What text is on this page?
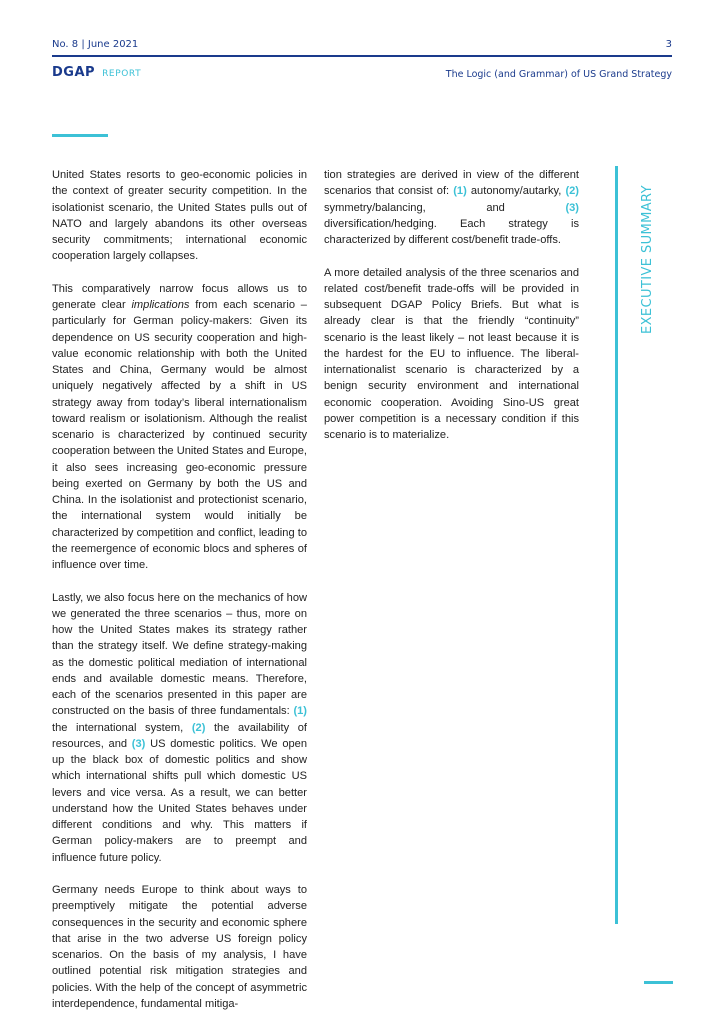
No. 8 | June 2021	3
DGAP REPORT	The Logic (and Grammar) of US Grand Strategy

United States resorts to geo-economic policies in the context of greater security competition. In the isolationist scenario, the United States pulls out of NATO and largely abandons its other overseas security commitments; international economic cooperation largely collapses.

This comparatively narrow focus allows us to generate clear implications from each scenario – particularly for German policy-makers: Given its dependence on US security cooperation and high-value economic relationship with both the United States and China, Germany would be almost uniquely negatively affected by a shift in US strategy away from today’s liberal internationalism toward realism or isolationism. Although the realist scenario is characterized by continued security cooperation between the United States and Europe, it also sees increasing geo-economic pressure being exerted on Germany by both the US and China. In the isolationist and protectionist scenario, the international system would initially be characterized by competition and conflict, leading to the reemergence of economic blocs and spheres of influence over time.

Lastly, we also focus here on the mechanics of how we generated the three scenarios – thus, more on how the United States makes its strategy rather than the strategy itself. We define strategy-making as the domestic political mediation of international ends and available domestic means. Therefore, each of the scenarios presented in this paper are constructed on the basis of three fundamentals: (1) the international system, (2) the availability of resources, and (3) US domestic politics. We open up the black box of domestic politics and show which international shifts pull which domestic US levers and vice versa. As a result, we can better understand how the United States behaves under different conditions and why. This matters if German policy-makers are to preempt and influence future policy.

Germany needs Europe to think about ways to preemptively mitigate the potential adverse consequences in the security and economic sphere that arise in the two adverse US foreign policy scenarios. On the basis of my analysis, I have outlined potential risk mitigation strategies and policies. With the help of the concept of asymmetric interdependence, fundamental mitiga-

tion strategies are derived in view of the different scenarios that consist of: (1) autonomy/autarky, (2) symmetry/balancing, and (3) diversification/hedging. Each strategy is characterized by different cost/benefit trade-offs.

A more detailed analysis of the three scenarios and related cost/benefit trade-offs will be provided in subsequent DGAP Policy Briefs. But what is already clear is that the friendly “continuity” scenario is the least likely – not least because it is the hardest for the EU to influence. The liberal-internationalist scenario is characterized by a benign security environment and international economic cooperation. Avoiding Sino-US great power competition is a necessary condition if this scenario is to materialize.

EXECUTIVE SUMMARY
